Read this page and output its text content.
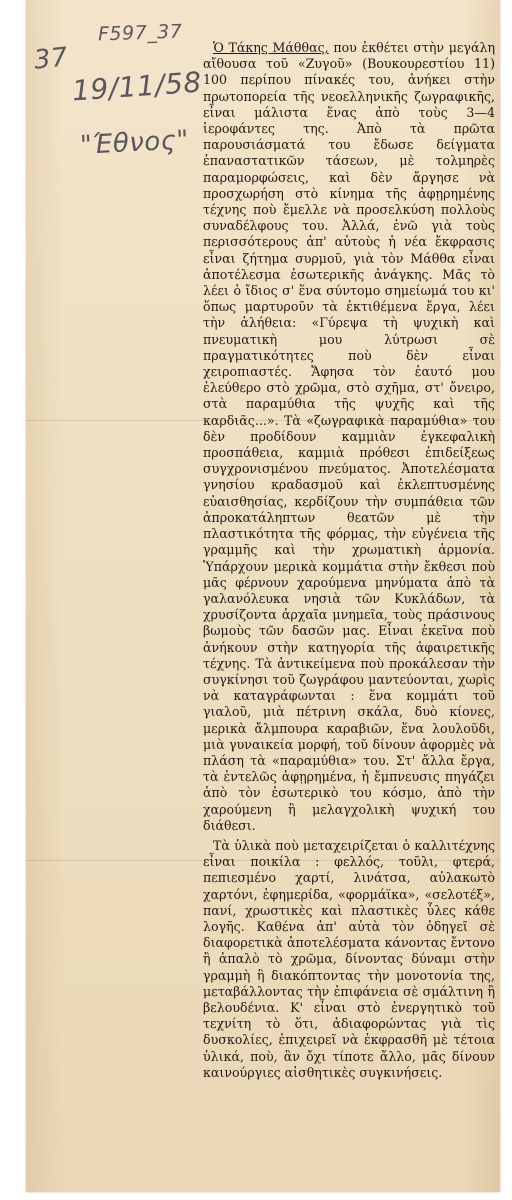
F597_37
37
19/11/58
"Έθνος"

Ὁ Τάκης Μάθθας, που ἐκθέτει στὴν μεγάλη αἴθουσα τοῦ «Ζυγοῦ» (Βουκουρεστίου 11) 100 περίπου πίνακές του, ἀνήκει στὴν πρωτοπορεία τῆς νεοελληνικῆς ζωγραφικῆς, εἶναι μάλιστα ἕνας ἀπὸ τοὺς 3—4 ἱεροφάντες της. Ἀπὸ τὰ πρῶτα παρουσιάσματά του ἔδωσε δείγματα ἐπαναστατικῶν τάσεων, μὲ τολμηρὲς παραμορφώσεις, καὶ δὲν ἄργησε νὰ προσχωρήση στὸ κίνημα τῆς ἀφῃρημένης τέχνης ποὺ ἔμελλε νὰ προσελκύση πολλοὺς συναδέλφους του. Ἀλλά, ἐνῶ γιὰ τοὺς περισσότερους ἀπ' αὐτοὺς ἡ νέα ἔκφρασις εἶναι ζήτημα συρμοῦ, γιὰ τὸν Μάθθα εἶναι ἀποτέλεσμα ἐσωτερικῆς ἀνάγκης. Μᾶς τὸ λέει ὁ ἴδιος σ' ἕνα σύντομο σημείωμά του κι' ὅπως μαρτυροῦν τὰ ἐκτιθέμενα ἔργα, λέει τὴν ἀλήθεια: «Γύρεψα τὴ ψυχικὴ καὶ πνευματικὴ μου λύτρωσι σὲ πραγματικότητες ποὺ δὲν εἶναι χειροπιαστές. Ἄφησα τὸν ἑαυτό μου ἐλεύθερο στὸ χρῶμα, στὸ σχῆμα, στ' ὄνειρο, στὰ παραμύθια τῆς ψυχῆς καὶ τῆς καρδιᾶς...». Τὰ «ζωγραφικὰ παραμύθια» του δὲν προδίδουν καμμιὰν ἐγκεφαλικὴ προσπάθεια, καμμιὰ πρόθεσι ἐπιδείξεως συγχρονισμένου πνεύματος. Ἀποτελέσματα γνησίου κραδασμοῦ καὶ ἐκλεπτυσμένης εὐαισθησίας, κερδίζουν τὴν συμπάθεια τῶν ἀπροκατάληπτων θεατῶν μὲ τὴν πλαστικότητα τῆς φόρμας, τὴν εὐγένεια τῆς γραμμῆς καὶ τὴν χρωματικὴ ἁρμονία. Ὑπάρχουν μερικὰ κομμάτια στὴν ἔκθεσι ποὺ μᾶς φέρνουν χαρούμενα μηνύματα ἀπὸ τὰ γαλανόλευκα νησιὰ τῶν Κυκλάδων, τὰ χρυσίζοντα ἀρχαῖα μνημεῖα, τοὺς πράσινους βωμοὺς τῶν δασῶν μας. Εἶναι ἐκεῖνα ποὺ ἀνήκουν στὴν κατηγορία τῆς ἀφαιρετικῆς τέχνης. Τὰ ἀντικείμενα ποὺ προκάλεσαν τὴν συγκίνησι τοῦ ζωγράφου μαντεύονται, χωρὶς νὰ καταγράφωνται : ἕνα κομμάτι τοῦ γιαλοῦ, μιὰ πέτρινη σκάλα, δυὸ κίονες, μερικὰ ἄλμπουρα καραβιῶν, ἕνα λουλοῦδι, μιὰ γυναικεία μορφή, τοῦ δίνουν ἀφορμὲς νὰ πλάση τὰ «παραμύθια» του. Στ' ἄλλα ἔργα, τὰ ἐντελῶς ἀφῃρημένα, ἡ ἔμπνευσις πηγάζει ἀπὸ τὸν ἐσωτερικὸ του κόσμο, ἀπὸ τὴν χαρούμενη ἢ μελαγχολικὴ ψυχική του διάθεσι.

Τὰ ὑλικὰ ποὺ μεταχειρίζεται ὁ καλλιτέχνης εἶναι ποικίλα : φελλός, τοῦλι, φτερά, πεπιεσμένο χαρτί, λινάτσα, αὐλακωτὸ χαρτόνι, ἐφημερίδα, «φορμάϊκα», «σελοτέξ», πανί, χρωστικὲς καὶ πλαστικὲς ὗλες κάθε λογῆς. Καθένα ἀπ' αὐτὰ τὸν ὁδηγεῖ σὲ διαφορετικὰ ἀποτελέσματα κάνοντας ἔντονο ἢ ἁπαλὸ τὸ χρῶμα, δίνοντας δύναμι στὴν γραμμὴ ἢ διακόπτοντας τὴν μονοτονία της, μεταβάλλοντας τὴν ἐπιφάνεια σὲ σμάλτινη ἢ βελουδένια. Κ' εἶναι στὸ ἐνεργητικὸ τοῦ τεχνίτη τὸ ὅτι, ἀδιαφορώντας γιὰ τὶς δυσκολίες, ἐπιχειρεῖ νὰ ἐκφρασθῆ μὲ τέτοια ὑλικά, ποὺ, ἂν ὄχι τίποτε ἄλλο, μᾶς δίνουν καινούργιες αἰσθητικὲς συγκινήσεις.
